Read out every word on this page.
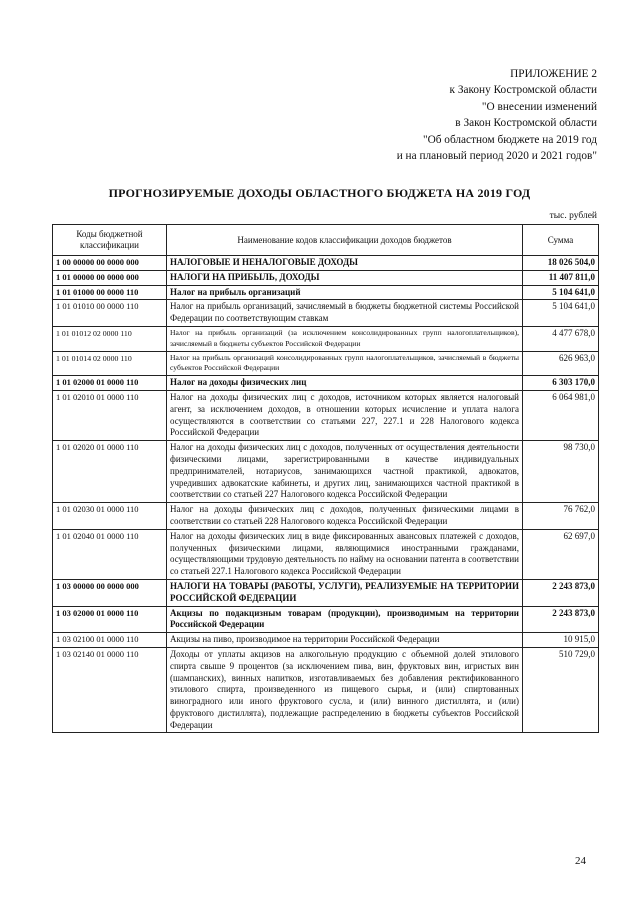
ПРИЛОЖЕНИЕ 2
к Закону Костромской области
"О внесении изменений
в Закон Костромской области
"Об областном бюджете на 2019 год
и на плановый период 2020 и 2021 годов"
ПРОГНОЗИРУЕМЫЕ ДОХОДЫ ОБЛАСТНОГО БЮДЖЕТА НА 2019 ГОД
тыс. рублей
Коды бюджетной классификации	Наименование кодов классификации доходов бюджетов	Сумма
1 00 00000 00 0000 000	НАЛОГОВЫЕ И НЕНАЛОГОВЫЕ ДОХОДЫ	18 026 504,0
1 01 00000 00 0000 000	НАЛОГИ НА ПРИБЫЛЬ, ДОХОДЫ	11 407 811,0
1 01 01000 00 0000 110	Налог на прибыль организаций	5 104 641,0
1 01 01010 00 0000 110	Налог на прибыль организаций, зачисляемый в бюджеты бюджетной системы Российской Федерации по соответствующим ставкам	5 104 641,0
1 01 01012 02 0000 110	Налог на прибыль организаций (за исключением консолидированных групп налогоплательщиков), зачисляемый в бюджеты субъектов Российской Федерации	4 477 678,0
1 01 01014 02 0000 110	Налог на прибыль организаций консолидированных групп налогоплательщиков, зачисляемый в бюджеты субъектов Российской Федерации	626 963,0
1 01 02000 01 0000 110	Налог на доходы физических лиц	6 303 170,0
1 01 02010 01 0000 110	Налог на доходы физических лиц с доходов, источником которых является налоговый агент, за исключением доходов, в отношении которых исчисление и уплата налога осуществляются в соответствии со статьями 227, 227.1 и 228 Налогового кодекса Российской Федерации	6 064 981,0
1 01 02020 01 0000 110	Налог на доходы физических лиц с доходов, полученных от осуществления деятельности физическими лицами, зарегистрированными в качестве индивидуальных предпринимателей, нотариусов, занимающихся частной практикой, адвокатов, учредивших адвокатские кабинеты, и других лиц, занимающихся частной практикой в соответствии со статьей 227 Налогового кодекса Российской Федерации	98 730,0
1 01 02030 01 0000 110	Налог на доходы физических лиц с доходов, полученных физическими лицами в соответствии со статьей 228 Налогового кодекса Российской Федерации	76 762,0
1 01 02040 01 0000 110	Налог на доходы физических лиц в виде фиксированных авансовых платежей с доходов, полученных физическими лицами, являющимися иностранными гражданами, осуществляющими трудовую деятельность по найму на основании патента в соответствии со статьей 227.1 Налогового кодекса Российской Федерации	62 697,0
1 03 00000 00 0000 000	НАЛОГИ НА ТОВАРЫ (РАБОТЫ, УСЛУГИ), РЕАЛИЗУЕМЫЕ НА ТЕРРИТОРИИ РОССИЙСКОЙ ФЕДЕРАЦИИ	2 243 873,0
1 03 02000 01 0000 110	Акцизы по подакцизным товарам (продукции), производимым на территории Российской Федерации	2 243 873,0
1 03 02100 01 0000 110	Акцизы на пиво, производимое на территории Российской Федерации	10 915,0
1 03 02140 01 0000 110	Доходы от уплаты акцизов на алкогольную продукцию с объемной долей этилового спирта свыше 9 процентов (за исключением пива, вин, фруктовых вин, игристых вин (шампанских), винных напитков, изготавливаемых без добавления ректификованного этилового спирта, произведенного из пищевого сырья, и (или) спиртованных виноградного или иного фруктового сусла, и (или) винного дистиллята, и (или) фруктового дистиллята), подлежащие распределению в бюджеты субъектов Российской Федерации	510 729,0
24
